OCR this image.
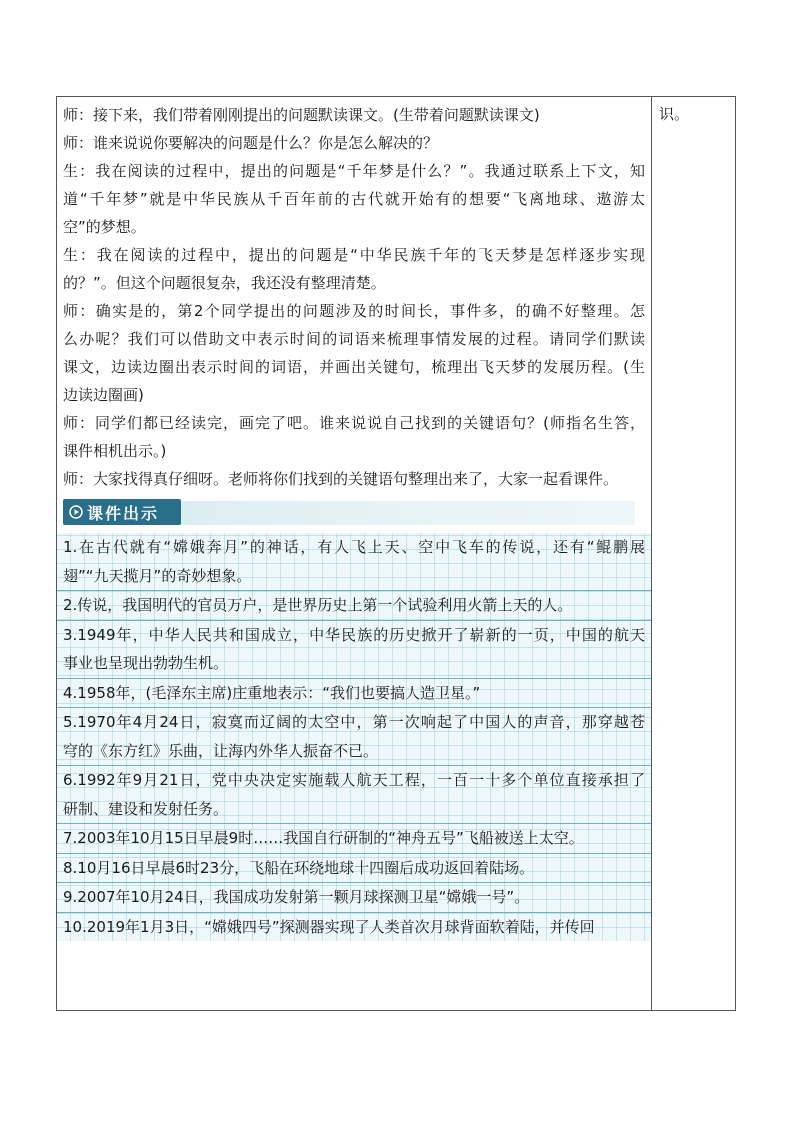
师：接下来，我们带着刚刚提出的问题默读课文。(生带着问题默读课文)
师：谁来说说你要解决的问题是什么？你是怎么解决的？
生：我在阅读的过程中，提出的问题是“千年梦是什么？”。我通过联系上下文，知
道“千年梦”就是中华民族从千百年前的古代就开始有的想要“飞离地球、遨游太
空”的梦想。
生：我在阅读的过程中，提出的问题是“中华民族千年的飞天梦是怎样逐步实现
的？”。但这个问题很复杂，我还没有整理清楚。
师：确实是的，第2个同学提出的问题涉及的时间长，事件多，的确不好整理。怎
么办呢？我们可以借助文中表示时间的词语来梳理事情发展的过程。请同学们默读
课文，边读边圈出表示时间的词语，并画出关键句，梳理出飞天梦的发展历程。(生
边读边圈画)
师：同学们都已经读完，画完了吧。谁来说说自己找到的关键语句？(师指名生答，
课件相机出示。)
师：大家找得真仔细呀。老师将你们找到的关键语句整理出来了，大家一起看课件。
课件出示
1.在古代就有“嫦娥奔月”的神话，有人飞上天、空中飞车的传说，还有“鲲鹏展
翅”“九天揽月”的奇妙想象。
2.传说，我国明代的官员万户，是世界历史上第一个试验利用火箭上天的人。
3.1949年，中华人民共和国成立，中华民族的历史掀开了崭新的一页，中国的航天
事业也呈现出勃勃生机。
4.1958年，(毛泽东主席)庄重地表示：“我们也要搞人造卫星。”
5.1970年4月24日，寂寞而辽阔的太空中，第一次响起了中国人的声音，那穿越苍
穹的《东方红》乐曲，让海内外华人振奋不已。
6.1992年9月21日，党中央决定实施载人航天工程，一百一十多个单位直接承担了
研制、建设和发射任务。
7.2003年10月15日早晨9时……我国自行研制的“神舟五号”飞船被送上太空。
8.10月16日早晨6时23分，飞船在环绕地球十四圈后成功返回着陆场。
9.2007年10月24日，我国成功发射第一颗月球探测卫星“嫦娥一号”。
10.2019年1月3日，“嫦娥四号”探测器实现了人类首次月球背面软着陆，并传回
识。
